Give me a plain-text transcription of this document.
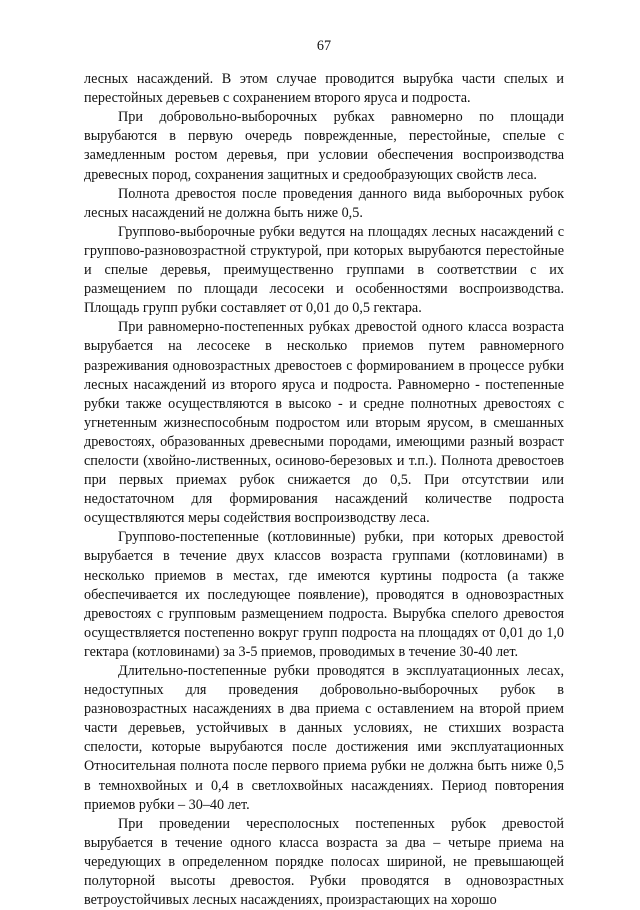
67

лесных насаждений. В этом случае проводится вырубка части спелых и перестойных деревьев с сохранением второго яруса и подроста.

При добровольно-выборочных рубках равномерно по площади вырубаются в первую очередь поврежденные, перестойные, спелые с замедленным ростом деревья, при условии обеспечения воспроизводства древесных пород, сохранения защитных и средообразующих свойств леса.

Полнота древостоя после проведения данного вида выборочных рубок лесных насаждений не должна быть ниже 0,5.

Группово-выборочные рубки ведутся на площадях лесных насаждений с группово-разновозрастной структурой, при которых вырубаются перестойные и спелые деревья, преимущественно группами в соответствии с их размещением по площади лесосеки и особенностями воспроизводства. Площадь групп рубки составляет от 0,01 до 0,5 гектара.

При равномерно-постепенных рубках древостой одного класса возраста вырубается на лесосеке в несколько приемов путем равномерного разреживания одновозрастных древостоев с формированием в процессе рубки лесных насаждений из второго яруса и подроста. Равномерно - постепенные рубки также осуществляются в высоко - и средне полнотных древостоях с угнетенным жизнеспособным подростом или вторым ярусом, в смешанных древостоях, образованных древесными породами, имеющими разный возраст спелости (хвойно-лиственных, осиново-березовых и т.п.). Полнота древостоев при первых приемах рубок снижается до 0,5. При отсутствии или недостаточном для формирования насаждений количестве подроста осуществляются меры содействия воспроизводству леса.

Группово-постепенные (котловинные) рубки, при которых древостой вырубается в течение двух классов возраста группами (котловинами) в несколько приемов в местах, где имеются куртины подроста (а также обеспечивается их последующее появление), проводятся в одновозрастных древостоях с групповым размещением подроста. Вырубка спелого древостоя осуществляется постепенно вокруг групп подроста на площадях от 0,01 до 1,0 гектара (котловинами) за 3-5 приемов, проводимых в течение 30-40 лет.

Длительно-постепенные рубки проводятся в эксплуатационных лесах, недоступных для проведения добровольно-выборочных рубок в разновозрастных насаждениях в два приема с оставлением на второй прием части деревьев, устойчивых в данных условиях, не стихших возраста спелости, которые вырубаются после достижения ими эксплуатационных Относительная полнота после первого приема рубки не должна быть ниже 0,5 в темнохвойных и 0,4 в светлохвойных насаждениях. Период повторения приемов рубки – 30–40 лет.

При проведении чересполосных постепенных рубок древостой вырубается в течение одного класса возраста за два – четыре приема на чередующих в определенном порядке полосах шириной, не превышающей полуторной высоты древостоя. Рубки проводятся в одновозрастных ветроустойчивых лесных насаждениях, произрастающих на хорошо
